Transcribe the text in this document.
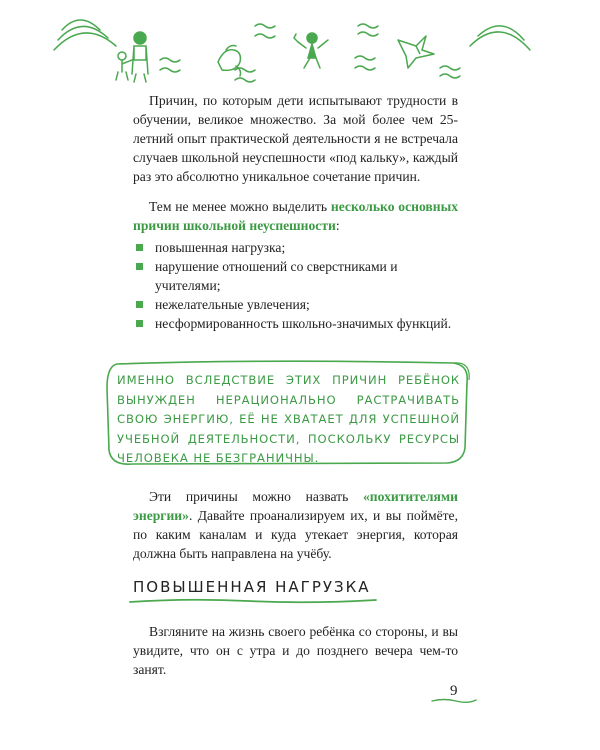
Причин, по которым дети испытывают трудности в обучении, великое множество. За мой более чем 25-летний опыт практической деятельности я не встречала случаев школьной неуспешности «под кальку», каждый раз это абсолютно уникальное сочетание причин.

Тем не менее можно выделить несколько основных причин школьной неуспешности:

повышенная нагрузка;
нарушение отношений со сверстниками и учителями;
нежелательные увлечения;
несформированность школьно-значимых функций.

ИМЕННО ВСЛЕДСТВИЕ ЭТИХ ПРИЧИН РЕБЁНОК ВЫНУЖДЕН НЕРАЦИОНАЛЬНО РАСТРАЧИВАТЬ СВОЮ ЭНЕРГИЮ, ЕЁ НЕ ХВАТАЕТ ДЛЯ УСПЕШНОЙ УЧЕБНОЙ ДЕЯТЕЛЬНОСТИ, ПОСКОЛЬКУ РЕСУРСЫ ЧЕЛОВЕКА НЕ БЕЗГРАНИЧНЫ.

Эти причины можно назвать «похитителями энергии». Давайте проанализируем их, и вы поймёте, по каким каналам и куда утекает энергия, которая должна быть направлена на учёбу.

ПОВЫШЕННАЯ НАГРУЗКА

Взгляните на жизнь своего ребёнка со стороны, и вы увидите, что он с утра и до позднего вечера чем-то занят.

9
